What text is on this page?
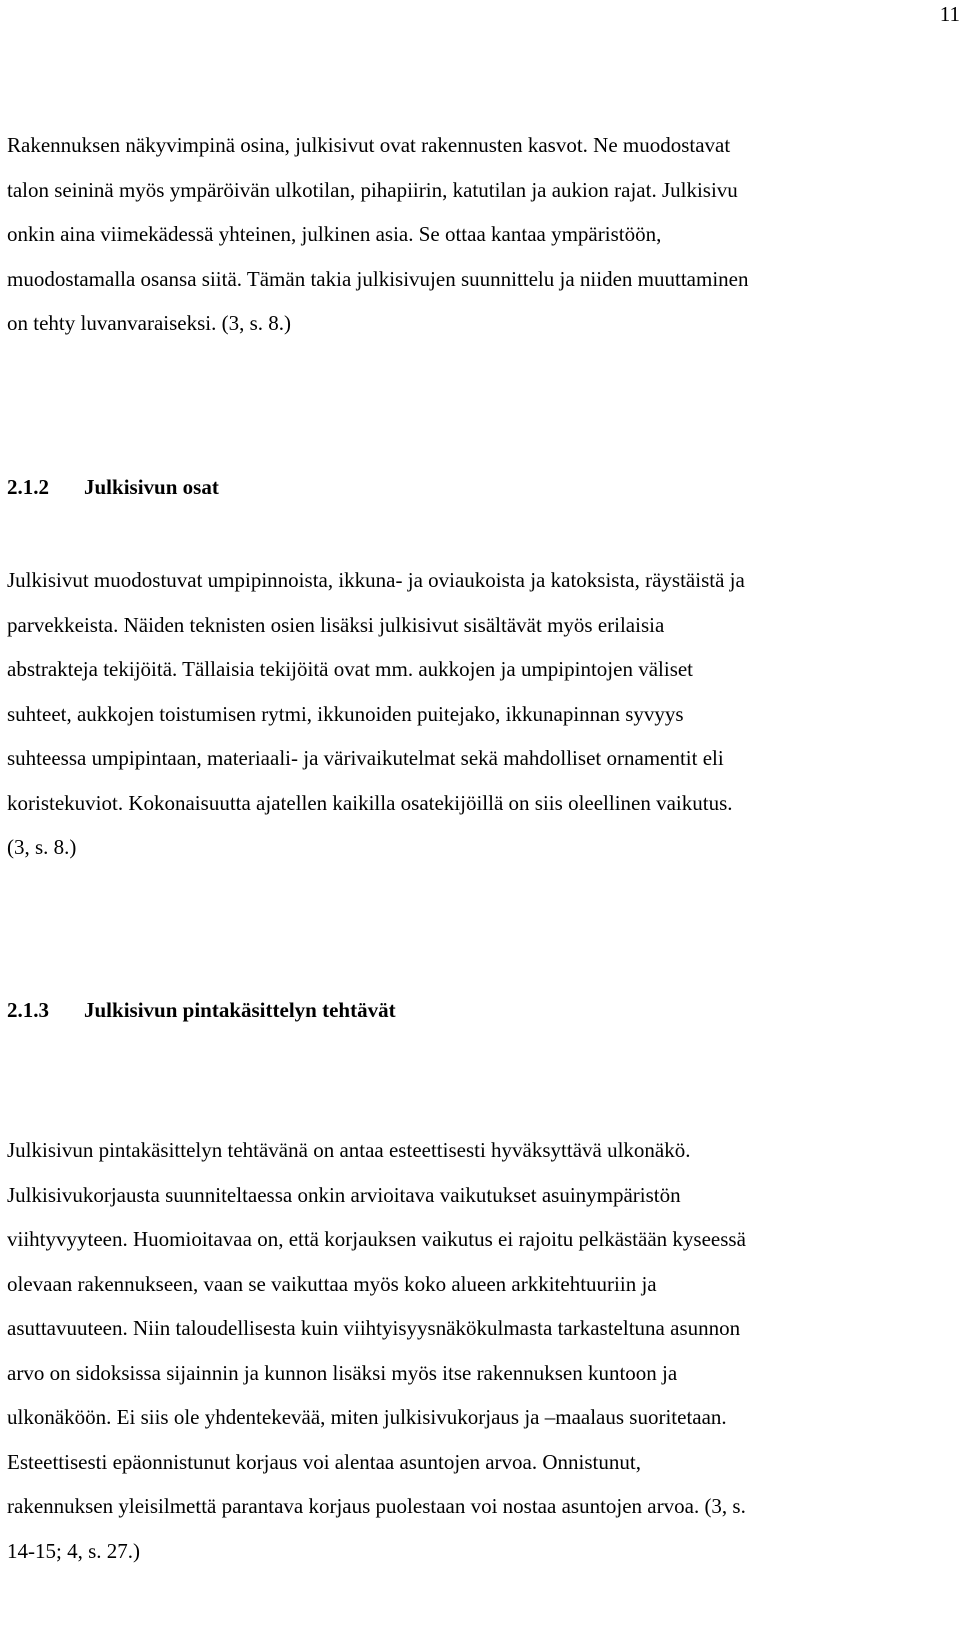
11
Rakennuksen näkyvimpinä osina, julkisivut ovat rakennusten kasvot. Ne muodostavat
talon seininä myös ympäröivän ulkotilan, pihapiirin, katutilan ja aukion rajat. Julkisivu
onkin aina viimekädessä yhteinen, julkinen asia. Se ottaa kantaa ympäristöön,
muodostamalla osansa siitä. Tämän takia julkisivujen suunnittelu ja niiden muuttaminen
on tehty luvanvaraiseksi. (3, s. 8.)
2.1.2 Julkisivun osat
Julkisivut muodostuvat umpipinnoista, ikkuna- ja oviaukoista ja katoksista, räystäistä ja
parvekkeista. Näiden teknisten osien lisäksi julkisivut sisältävät myös erilaisia
abstrakteja tekijöitä. Tällaisia tekijöitä ovat mm. aukkojen ja umpipintojen väliset
suhteet, aukkojen toistumisen rytmi, ikkunoiden puitejako, ikkunapinnan syvyys
suhteessa umpipintaan, materiaali- ja värivaikutelmat sekä mahdolliset ornamentit eli
koristekuviot. Kokonaisuutta ajatellen kaikilla osatekijöillä on siis oleellinen vaikutus.
(3, s. 8.)
2.1.3 Julkisivun pintakäsittelyn tehtävät
Julkisivun pintakäsittelyn tehtävänä on antaa esteettisesti hyväksyttävä ulkonäkö.
Julkisivukorjausta suunniteltaessa onkin arvioitava vaikutukset asuinympäristön
viihtyvyyteen. Huomioitavaa on, että korjauksen vaikutus ei rajoitu pelkästään kyseessä
olevaan rakennukseen, vaan se vaikuttaa myös koko alueen arkkitehtuuriin ja
asuttavuuteen. Niin taloudellisesta kuin viihtyisyysnäkökulmasta tarkasteltuna asunnon
arvo on sidoksissa sijainnin ja kunnon lisäksi myös itse rakennuksen kuntoon ja
ulkonäköön. Ei siis ole yhdentekevää, miten julkisivukorjaus ja –maalaus suoritetaan.
Esteettisesti epäonnistunut korjaus voi alentaa asuntojen arvoa. Onnistunut,
rakennuksen yleisilmettä parantava korjaus puolestaan voi nostaa asuntojen arvoa. (3, s.
14-15; 4, s. 27.)
